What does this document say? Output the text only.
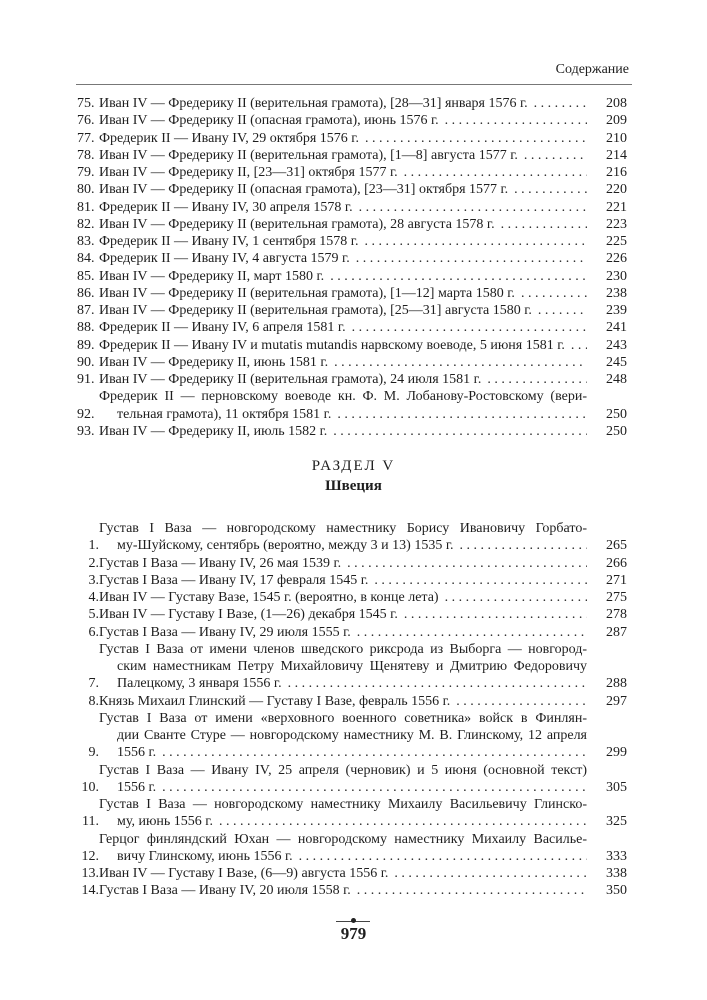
Содержание
75. Иван IV — Фредерику II (верительная грамота), [28—31] января 1576 г. . . .	208
76. Иван IV — Фредерику II (опасная грамота), июнь 1576 г. . . .	209
77. Фредерик II — Ивану IV, 29 октября 1576 г. . . .	210
78. Иван IV — Фредерику II (верительная грамота), [1—8] августа 1577 г. . . .	214
79. Иван IV — Фредерику II, [23—31] октября 1577 г. . . .	216
80. Иван IV — Фредерику II (опасная грамота), [23—31] октября 1577 г. . . .	220
81. Фредерик II — Ивану IV, 30 апреля 1578 г. . . .	221
82. Иван IV — Фредерику II (верительная грамота), 28 августа 1578 г. . . .	223
83. Фредерик II — Ивану IV, 1 сентября 1578 г. . . .	225
84. Фредерик II — Ивану IV, 4 августа 1579 г. . . .	226
85. Иван IV — Фредерику II, март 1580 г. . . .	230
86. Иван IV — Фредерику II (верительная грамота), [1—12] марта 1580 г. . . .	238
87. Иван IV — Фредерику II (верительная грамота), [25—31] августа 1580 г. . . .	239
88. Фредерик II — Ивану IV, 6 апреля 1581 г. . . .	241
89. Фредерик II — Ивану IV и mutatis mutandis нарвскому воеводе, 5 июня 1581 г. . . .	243
90. Иван IV — Фредерику II, июнь 1581 г. . . .	245
91. Иван IV — Фредерику II (верительная грамота), 24 июля 1581 г. . . .	248
92.
Фредерик II — перновскому воеводе кн. Ф. М. Лобанову-Ростовскому (вери-
тельная грамота), 11 октября 1581 г. . . .	250
93. Иван IV — Фредерику II, июль 1582 г. . . .	250
РАЗДЕЛ V
Швеция
1.
Густав I Ваза — новгородскому наместнику Борису Ивановичу Горбато-
му-Шуйскому, сентябрь (вероятно, между 3 и 13) 1535 г. . . .	265
2. Густав I Ваза — Ивану IV, 26 мая 1539 г. . . .	266
3. Густав I Ваза — Ивану IV, 17 февраля 1545 г. . . .	271
4. Иван IV — Густаву Вазе, 1545 г. (вероятно, в конце лета) . . .	275
5. Иван IV — Густаву I Вазе, (1—26) декабря 1545 г. . . .	278
6. Густав I Ваза — Ивану IV, 29 июля 1555 г. . . .	287
7.
Густав I Ваза от имени членов шведского риксрода из Выборга — новгород-
ским наместникам Петру Михайловичу Щенятеву и Дмитрию Федоровичу
Палецкому, 3 января 1556 г. . . .	288
8. Князь Михаил Глинский — Густаву I Вазе, февраль 1556 г. . . .	297
9.
Густав I Ваза от имени «верховного военного советника» войск в Финлян-
дии Сванте Стуре — новгородскому наместнику М. В. Глинскому, 12 апреля
1556 г. . . .	299
10.
Густав I Ваза — Ивану IV, 25 апреля (черновик) и 5 июня (основной текст)
1556 г. . . .	305
11.
Густав I Ваза — новгородскому наместнику Михаилу Васильевичу Глинско-
му, июнь 1556 г. . . .	325
12.
Герцог финляндский Юхан — новгородскому наместнику Михаилу Василье-
вичу Глинскому, июнь 1556 г. . . .	333
13. Иван IV — Густаву I Вазе, (6—9) августа 1556 г. . . .	338
14. Густав I Ваза — Ивану IV, 20 июля 1558 г. . . .	350
979
